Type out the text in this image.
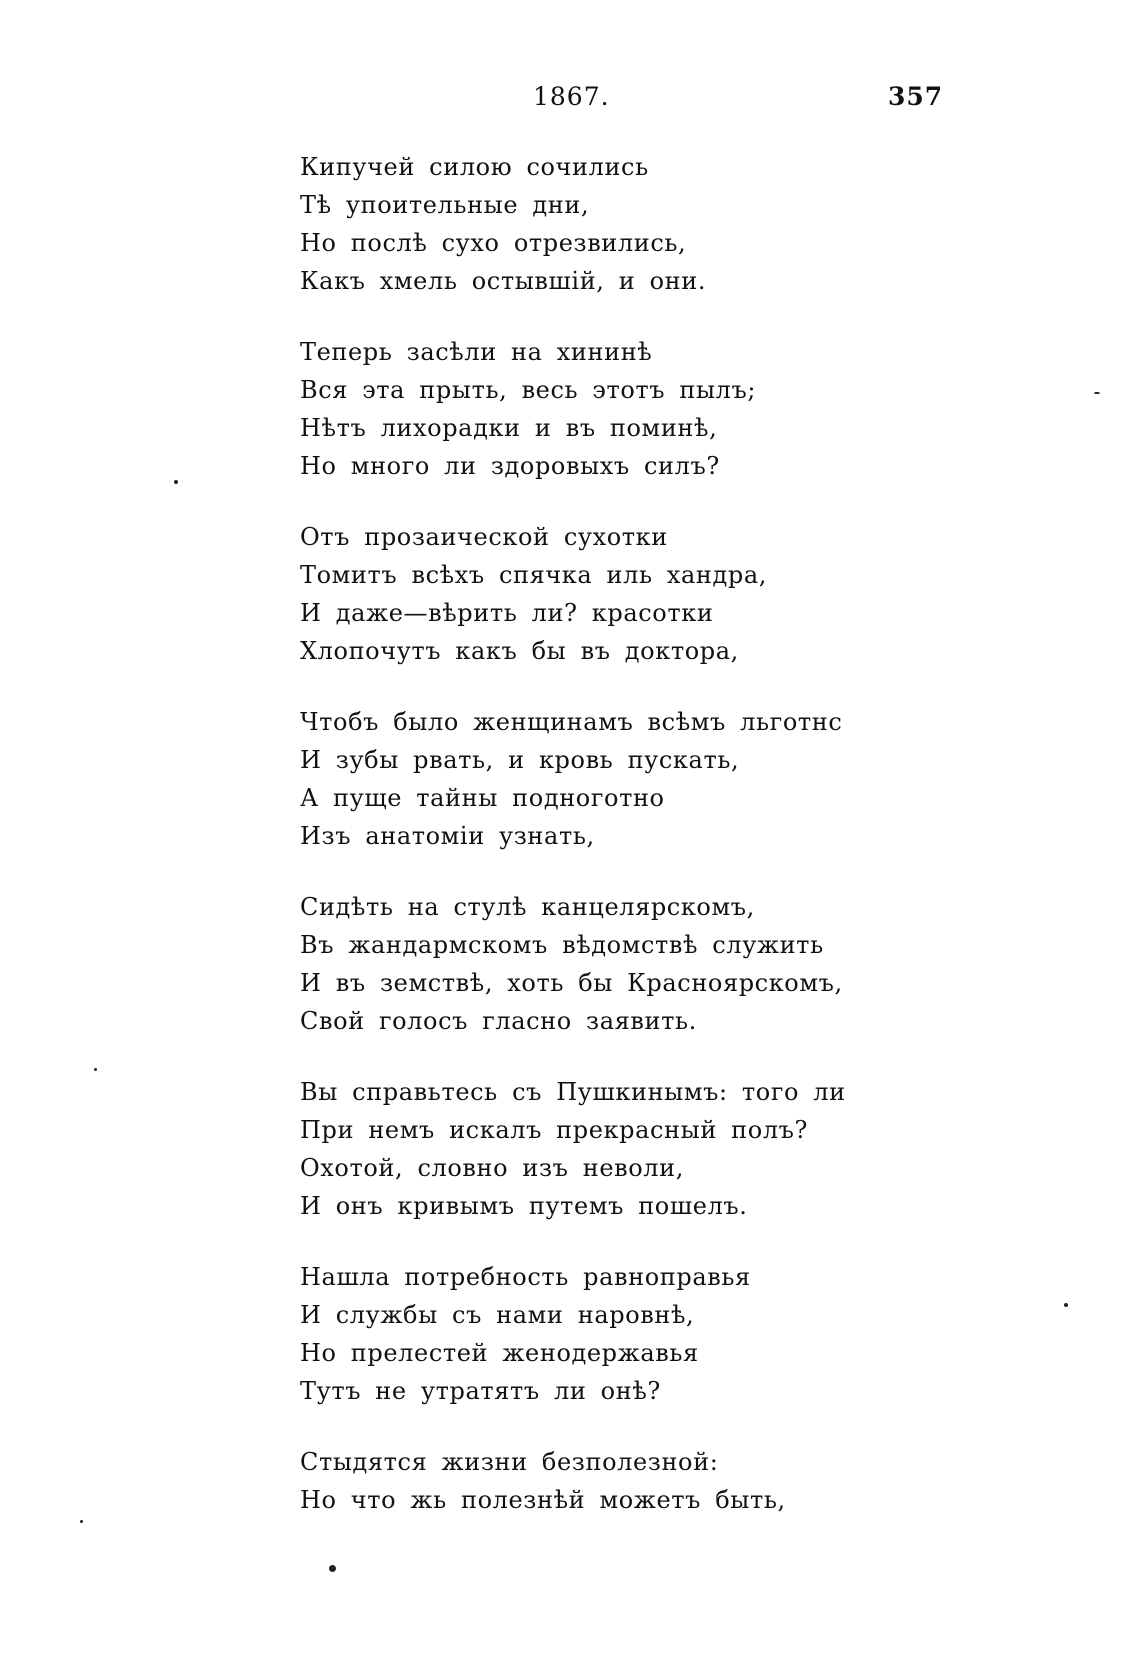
1867.	357
Кипучей силою сочились
Тѣ упоительные дни,
Но послѣ сухо отрезвились,
Какъ хмель остывшій, и они.
Теперь засѣли на хининѣ
Вся эта прыть, весь этотъ пылъ;
Нѣтъ лихорадки и въ поминѣ,
Но много ли здоровыхъ силъ?
Отъ прозаической сухотки
Томитъ всѣхъ спячка иль хандра,
И даже—вѣрить ли? красотки
Хлопочутъ какъ бы въ доктора,
Чтобъ было женщинамъ всѣмъ льготнс
И зубы рвать, и кровь пускать,
А пуще тайны подноготно
Изъ анатоміи узнать,
Сидѣть на стулѣ канцелярскомъ,
Въ жандармскомъ вѣдомствѣ служить
И въ земствѣ, хоть бы Красноярскомъ,
Свой голосъ гласно заявить.
Вы справьтесь съ Пушкинымъ: того ли
При немъ искалъ прекрасный полъ?
Охотой, словно изъ неволи,
И онъ кривымъ путемъ пошелъ.
Нашла потребность равноправья
И службы съ нами наровнѣ,
Но прелестей женодержавья
Тутъ не утратятъ ли онѣ?
Стыдятся жизни безполезной:
Но что жь полезнѣй можетъ быть,
